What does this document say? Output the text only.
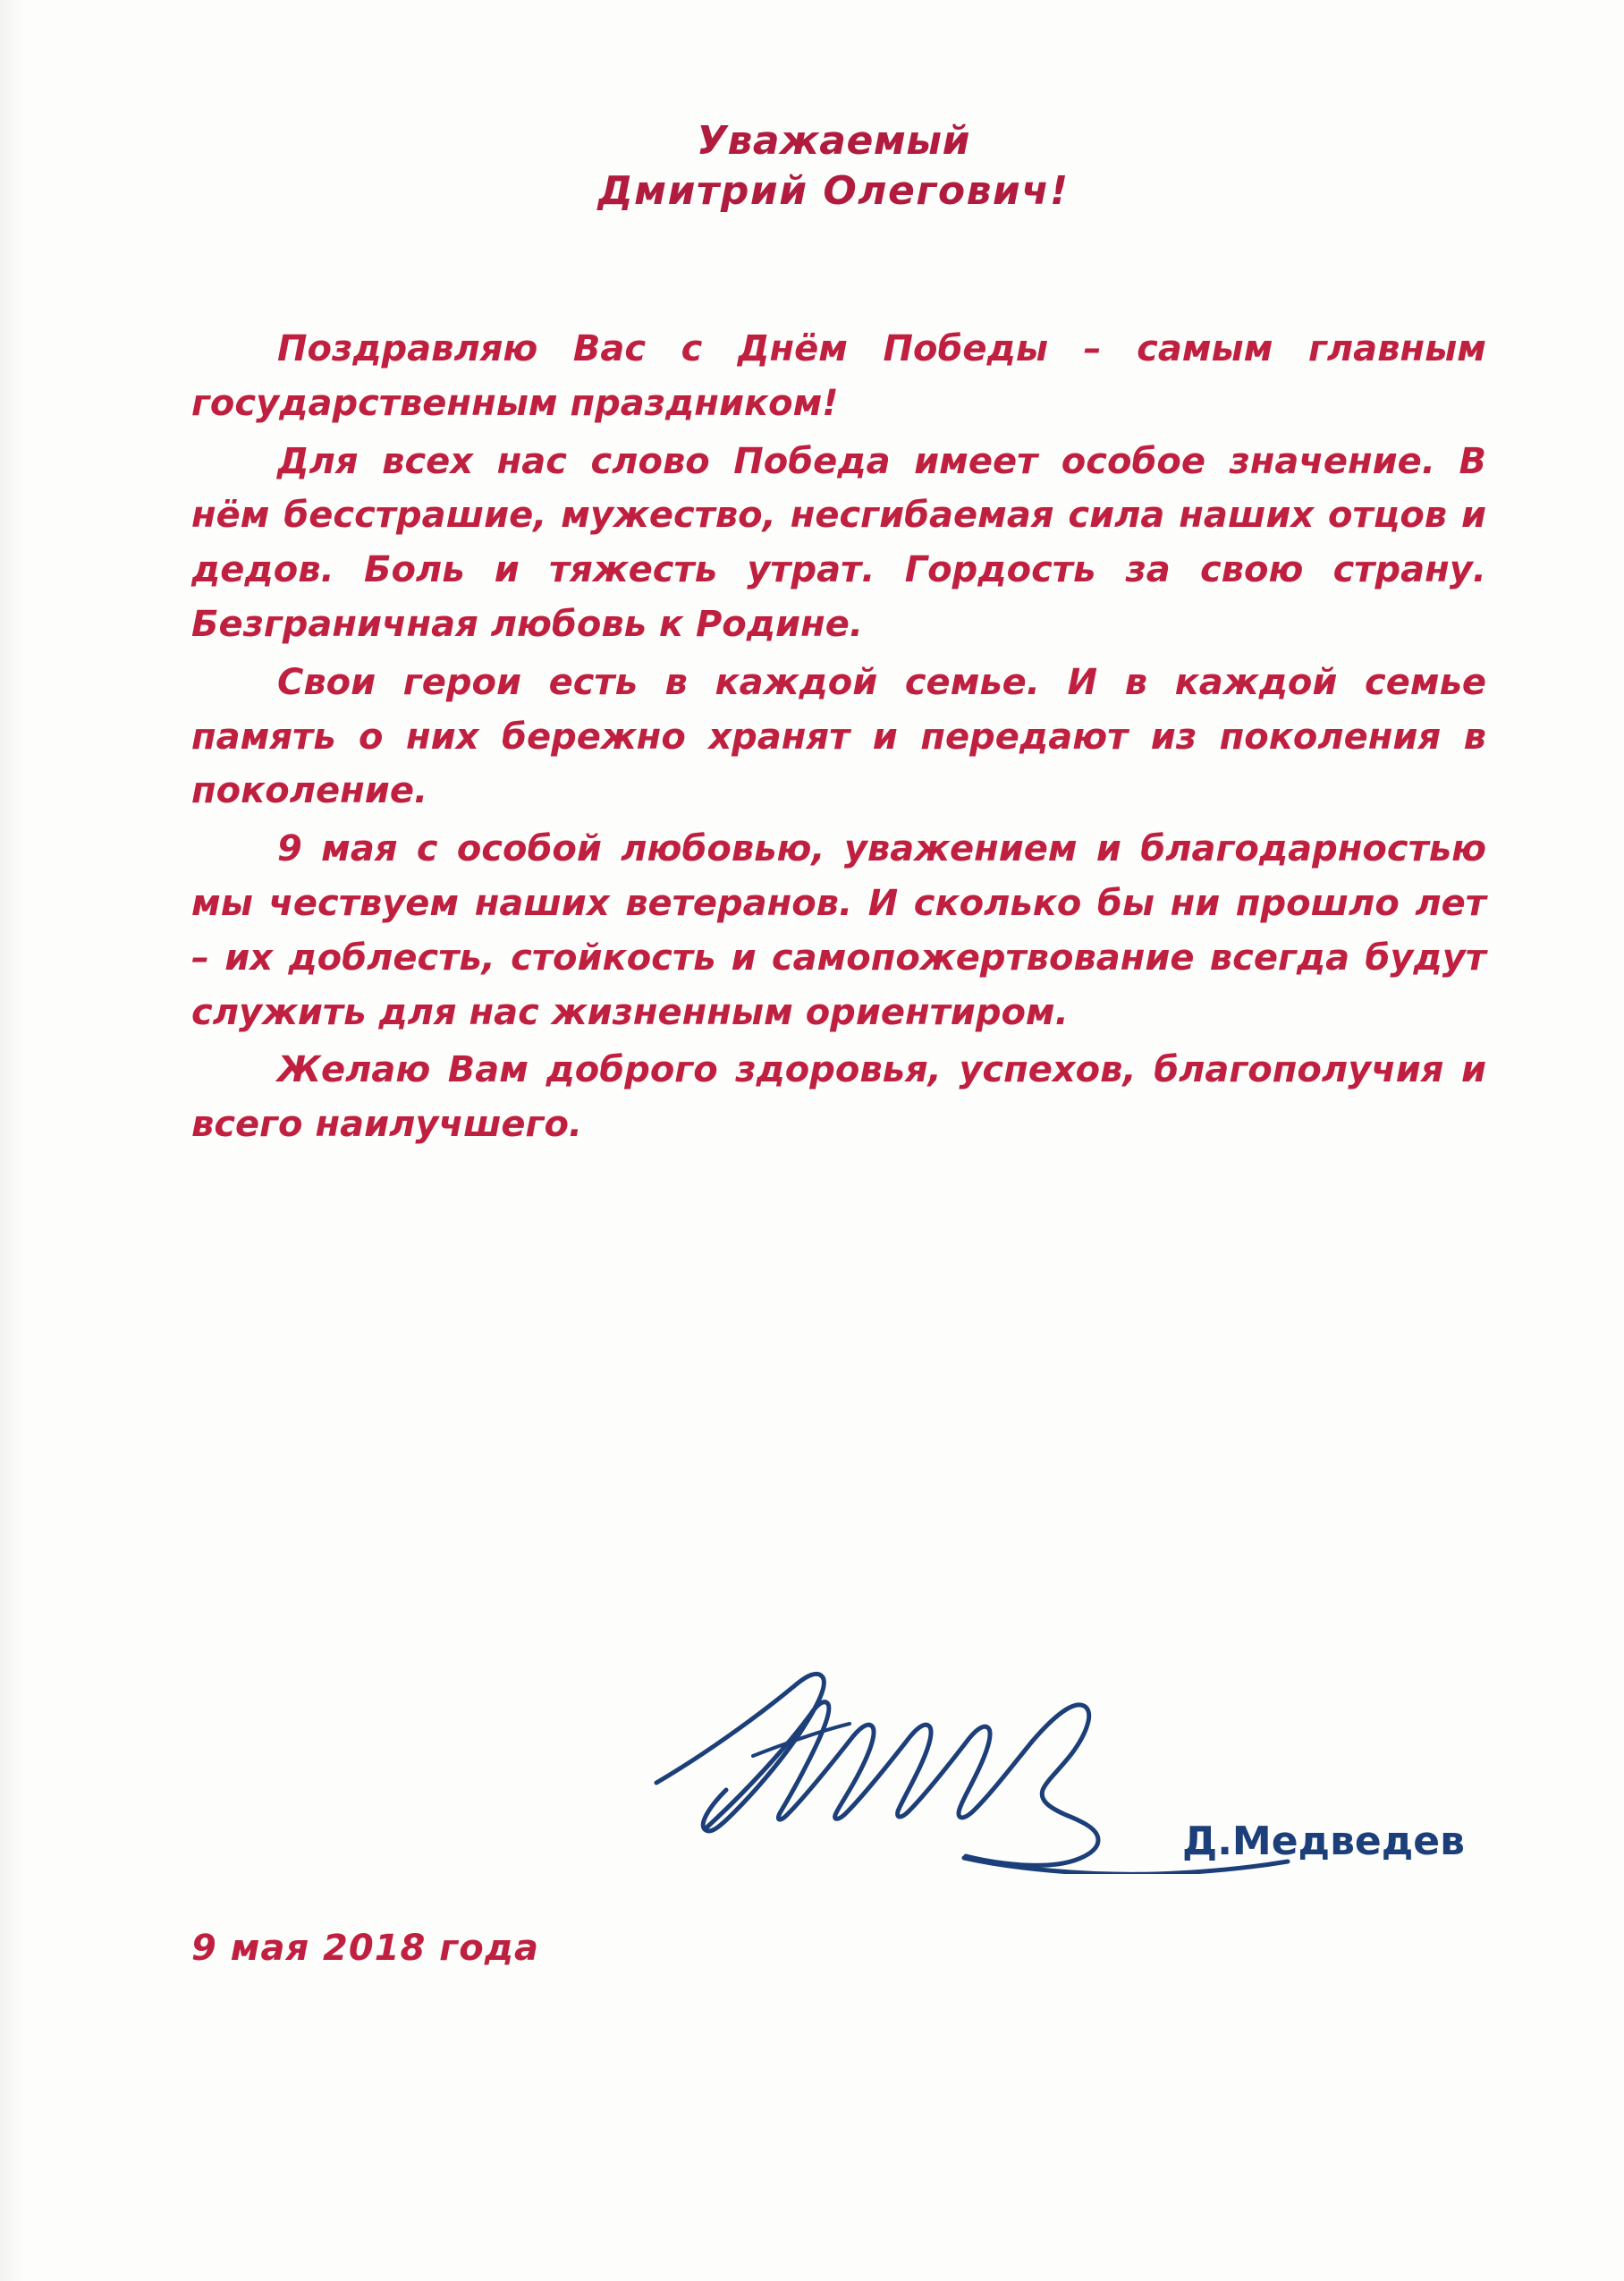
Уважаемый
Дмитрий Олегович!

Поздравляю Вас с Днём Победы – самым главным государственным праздником!

Для всех нас слово Победа имеет особое значение. В нём бесстрашие, мужество, несгибаемая сила наших отцов и дедов. Боль и тяжесть утрат. Гордость за свою страну. Безграничная любовь к Родине.

Свои герои есть в каждой семье. И в каждой семье память о них бережно хранят и передают из поколения в поколение.

9 мая с особой любовью, уважением и благодарностью мы чествуем наших ветеранов. И сколько бы ни прошло лет – их доблесть, стойкость и самопожертвование всегда будут служить для нас жизненным ориентиром.

Желаю Вам доброго здоровья, успехов, благополучия и всего наилучшего.

Д.Медведев
9 мая 2018 года
